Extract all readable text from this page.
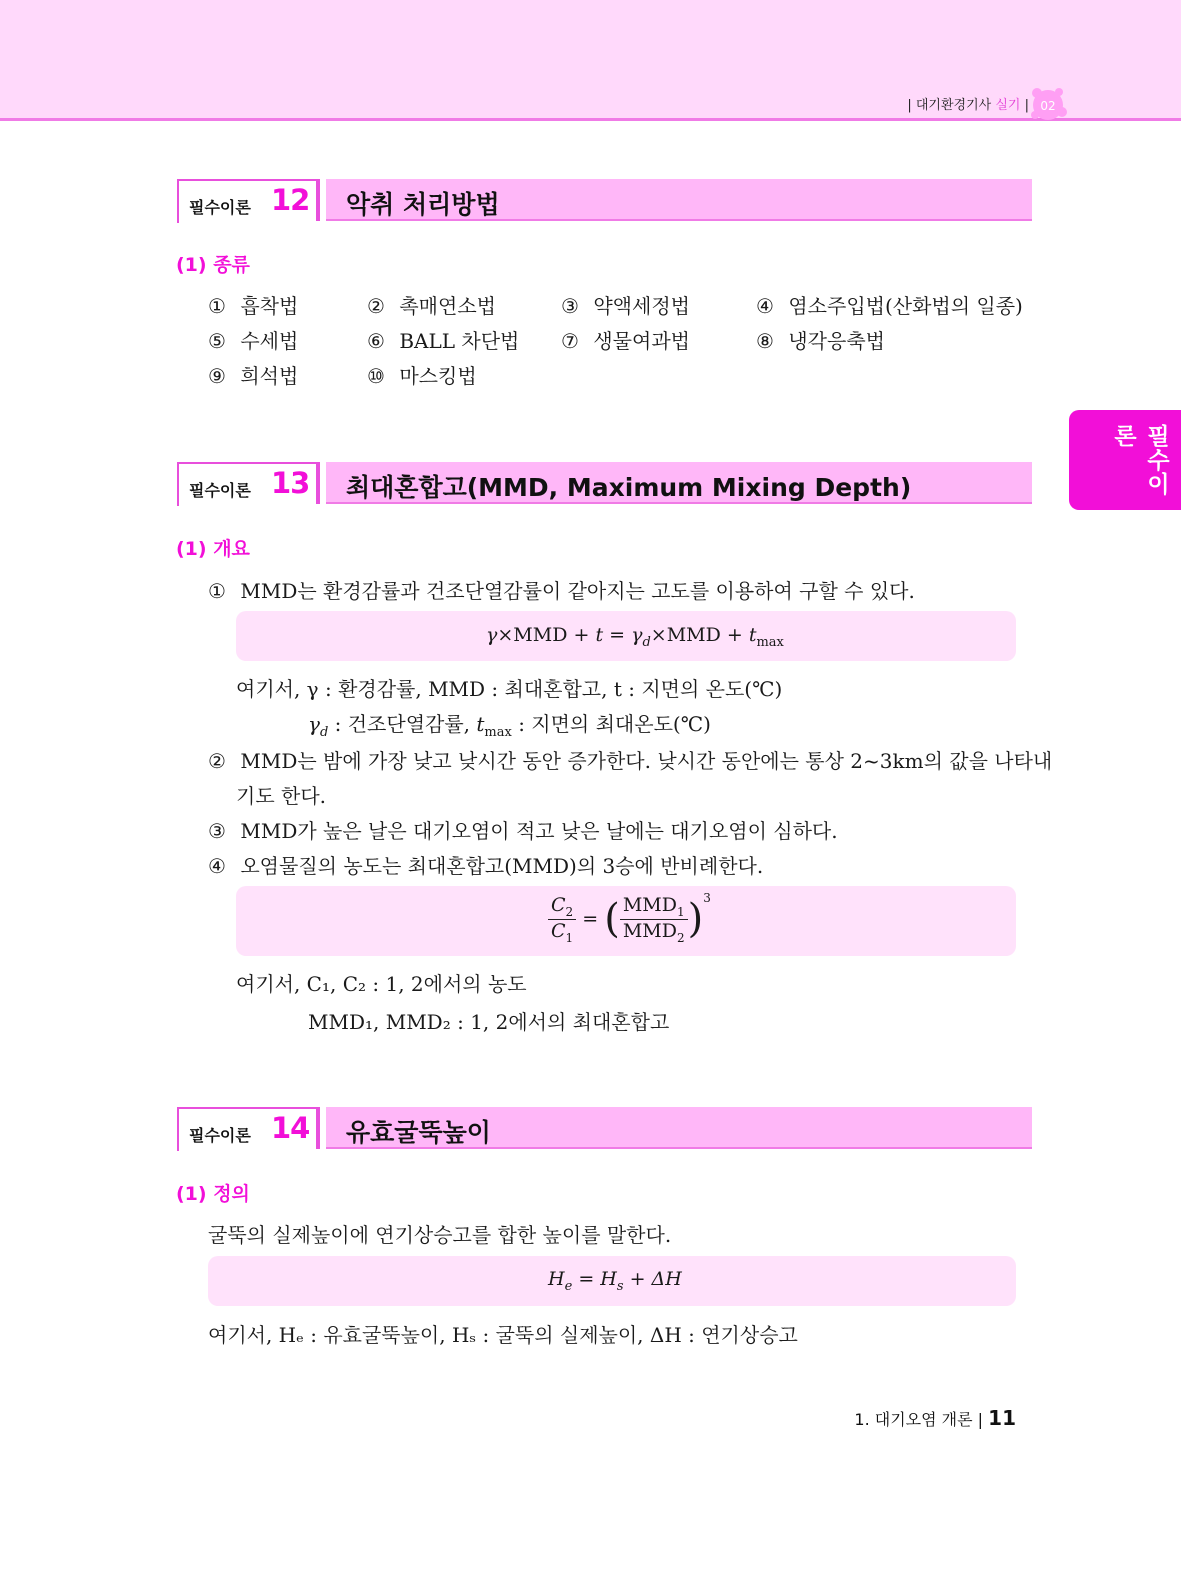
| 대기환경기사 실기 | 02
필수이론
필수이론 12 악취 처리방법
(1) 종류
① 흡착법	② 촉매연소법	③ 약액세정법	④ 염소주입법(산화법의 일종)
⑤ 수세법	⑥ BALL 차단법 ⑦ 생물여과법	⑧ 냉각응축법
⑨ 희석법	⑩ 마스킹법
필수이론 13 최대혼합고(MMD, Maximum Mixing Depth)
(1) 개요
① MMD는 환경감률과 건조단열감률이 같아지는 고도를 이용하여 구할 수 있다.
$\gamma\times MMD + t = \gamma_d\times MMD + t_{max}$
여기서, γ : 환경감률, MMD : 최대혼합고, t : 지면의 온도(℃)
$\gamma_d$ : 건조단열감률, $t_{max}$ : 지면의 최대온도(℃)
② MMD는 밤에 가장 낮고 낮시간 동안 증가한다. 낮시간 동안에는 통상 2~3km의 값을 나타내
기도 한다.
③ MMD가 높은 날은 대기오염이 적고 낮은 날에는 대기오염이 심하다.
④ 오염물질의 농도는 최대혼합고(MMD)의 3승에 반비례한다.
$\frac{C_2}{C_1}$ = ( $\frac{MMD_1}{MMD_2} )^3$
여기서, C₁, C₂ : 1, 2에서의 농도
MMD₁, MMD₂ : 1, 2에서의 최대혼합고
필수이론 14 유효굴뚝높이
(1) 정의
굴뚝의 실제높이에 연기상승고를 합한 높이를 말한다.
$H_e = H_s + \Delta H$
여기서, Hₑ : 유효굴뚝높이, Hₛ : 굴뚝의 실제높이, ΔH : 연기상승고
1. 대기오염 개론 | 11
